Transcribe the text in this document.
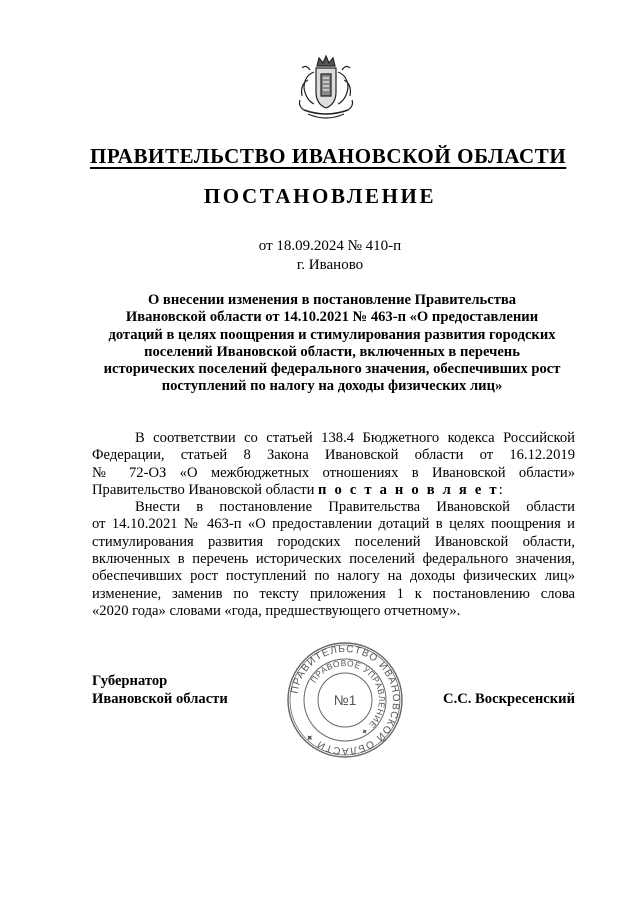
ПРАВИТЕЛЬСТВО ИВАНОВСКОЙ ОБЛАСТИ
ПОСТАНОВЛЕНИЕ
от 18.09.2024 № 410-п
г. Иваново
О внесении изменения в постановление Правительства
Ивановской области от 14.10.2021 № 463-п «О предоставлении
дотаций в целях поощрения и стимулирования развития городских
поселений Ивановской области, включенных в перечень
исторических поселений федерального значения, обеспечивших рост
поступлений по налогу на доходы физических лиц»
В соответствии со статьей 138.4 Бюджетного кодекса Российской
Федерации, статьей 8 Закона Ивановской области от 16.12.2019
№ 72-ОЗ «О межбюджетных отношениях в Ивановской области»
Правительство Ивановской области п о с т а н о в л я е т:
Внести в постановление Правительства Ивановской области
от 14.10.2021 № 463-п «О предоставлении дотаций в целях поощрения и
стимулирования развития городских поселений Ивановской области,
включенных в перечень исторических поселений федерального значения,
обеспечивших рост поступлений по налогу на доходы физических лиц»
изменение, заменив по тексту приложения 1 к постановлению слова
«2020 года» словами «года, предшествующего отчетному».
Губернатор
Ивановской области
ПРАВИТЕЛЬСТВО ИВАНОВСКОЙ ОБЛАСТИ ✦
ПРАВОВОЕ УПРАВЛЕНИЕ ✦
№1	С.С. Воскресенский
